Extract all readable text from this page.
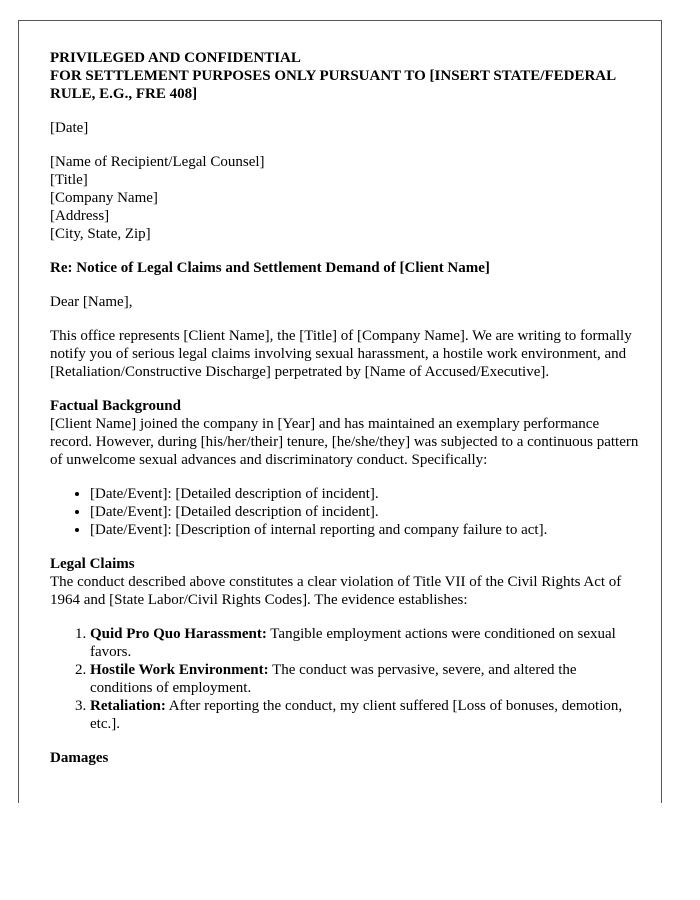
PRIVILEGED AND CONFIDENTIAL
FOR SETTLEMENT PURPOSES ONLY PURSUANT TO [INSERT STATE/FEDERAL RULE, E.G., FRE 408]

[Date]

[Name of Recipient/Legal Counsel]
[Title]
[Company Name]
[Address]
[City, State, Zip]

Re: Notice of Legal Claims and Settlement Demand of [Client Name]

Dear [Name],

This office represents [Client Name], the [Title] of [Company Name]. We are writing to formally notify you of serious legal claims involving sexual harassment, a hostile work environment, and [Retaliation/Constructive Discharge] perpetrated by [Name of Accused/Executive].

Factual Background
[Client Name] joined the company in [Year] and has maintained an exemplary performance record. However, during [his/her/their] tenure, [he/she/they] was subjected to a continuous pattern of unwelcome sexual advances and discriminatory conduct. Specifically:

• [Date/Event]: [Detailed description of incident].
• [Date/Event]: [Detailed description of incident].
• [Date/Event]: [Description of internal reporting and company failure to act].

Legal Claims
The conduct described above constitutes a clear violation of Title VII of the Civil Rights Act of 1964 and [State Labor/Civil Rights Codes]. The evidence establishes:

1. Quid Pro Quo Harassment: Tangible employment actions were conditioned on sexual favors.
2. Hostile Work Environment: The conduct was pervasive, severe, and altered the conditions of employment.
3. Retaliation: After reporting the conduct, my client suffered [Loss of bonuses, demotion, etc.].
Damages
